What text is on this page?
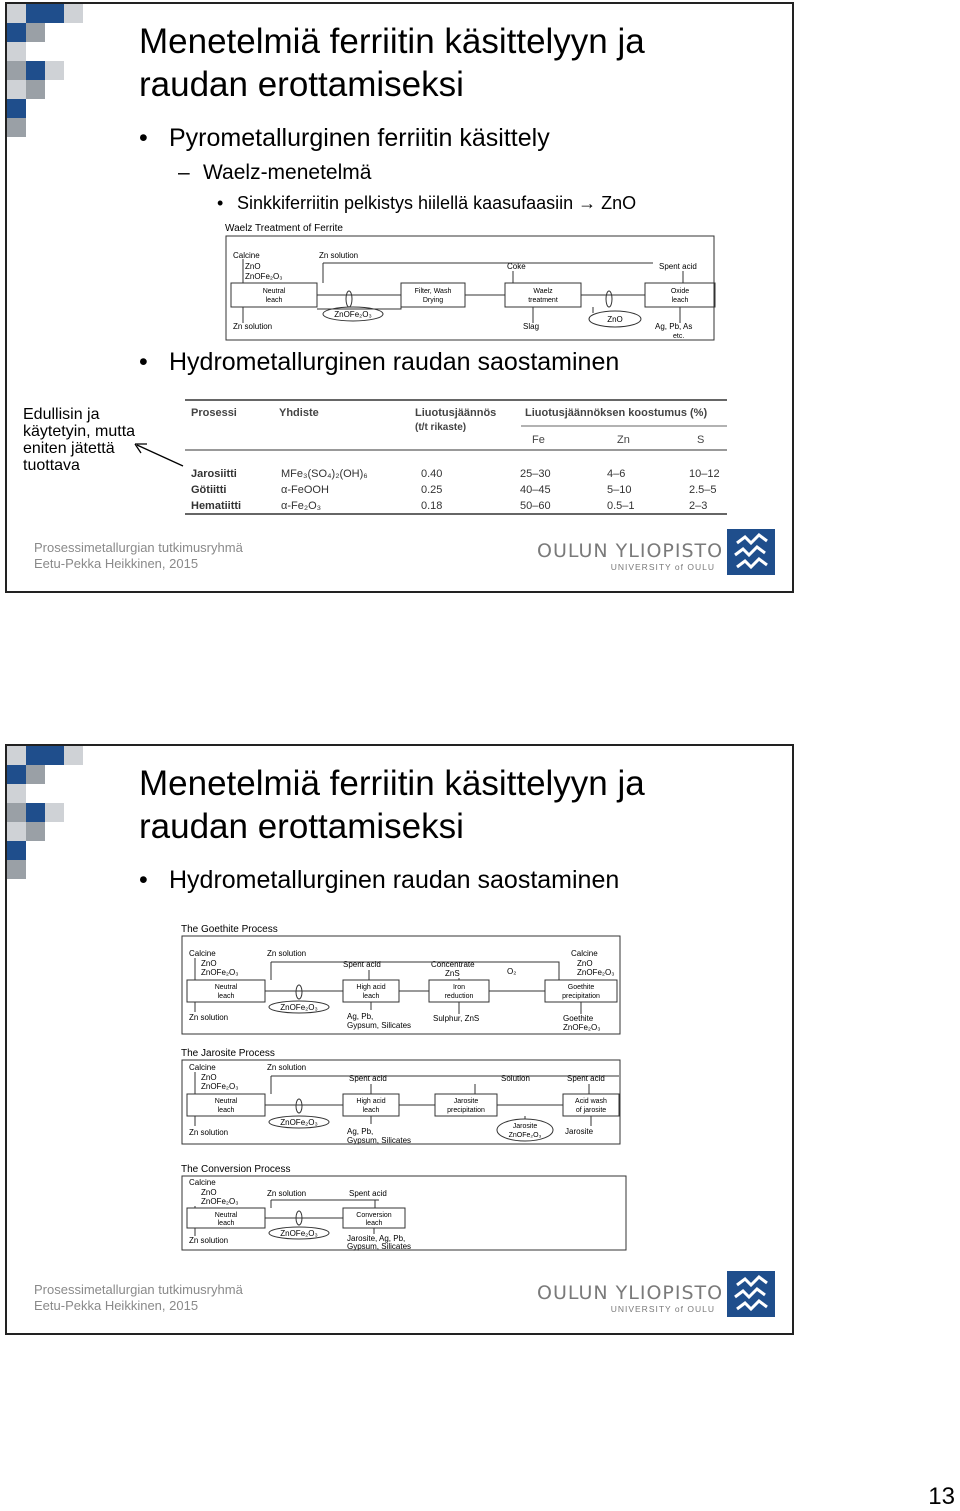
Menetelmiä ferriitin käsittelyyn ja raudan erottamiseksi
• Pyrometallurginen ferriitin käsittely
– Waelz-menetelmä
• Sinkkiferriitin pelkistys hiilellä kaasufaasiin → ZnO
Waelz Treatment of Ferrite
Calcine
ZnO
ZnOFe₂O₃
Zn solution
Neutral
leach
Filter, Wash
Drying
Coke
Waelz
treatment
Spent acid
Oxide
leach
Zn solution
ZnOFe₂O₃
Slag
ZnO
Ag, Pb, As
etc.
• Hydrometallurginen raudan saostaminen
Edullisin ja käytetyin, mutta eniten jätettä tuottava
Prosessi	Yhdiste	Liuotusjäännös
(t/t rikaste)
Liuotusjäännöksen koostumus (%)
Fe	Zn	S
Jarosiitti	MFe₃(SO₄)₂(OH)₆	0.40	25–30	4–6	10–12
Götiitti	α-FeOOH	0.25	40–45	5–10	2.5–5
Hematiitti	α-Fe₂O₃	0.18	50–60	0.5–1	2–3
Prosessimetallurgian tutkimusryhmä
Eetu-Pekka Heikkinen, 2015
OULUN YLIOPISTO
UNIVERSITY of OULU
Menetelmiä ferriitin käsittelyyn ja raudan erottamiseksi
• Hydrometallurginen raudan saostaminen
The Goethite Process
Calcine
ZnO
ZnOFe₂O₃
Zn solution
Neutral
leach
Spent acid
High acid
leach
Concentrate
ZnS
Iron
reduction
O₂
Calcine
ZnO
ZnOFe₂O₃
Goethite
precipitation
Zn solution
ZnOFe₂O₃
Ag, Pb,
Gypsum, Silicates
Sulphur, ZnS	Goethite
ZnOFe₂O₃
The Jarosite Process
Calcine
ZnO
ZnOFe₂O₃
Zn solution
Neutral
leach
Spent acid
High acid
leach
Jarosite
precipitation
Solution	Spent acid
Acid wash
of jarosite
Zn solution
ZnOFe₂O₃
Ag, Pb,
Gypsum, Silicates
Jarosite
ZnOFe₂O₃	Jarosite
The Conversion Process
Calcine
ZnO
ZnOFe₂O₃
Zn solution
Neutral
leach
Spent acid
Conversion
leach
Zn solution
ZnOFe₂O₃
Jarosite, Ag, Pb,
Gypsum, Silicates
Prosessimetallurgian tutkimusryhmä
Eetu-Pekka Heikkinen, 2015
OULUN YLIOPISTO
UNIVERSITY of OULU
13
